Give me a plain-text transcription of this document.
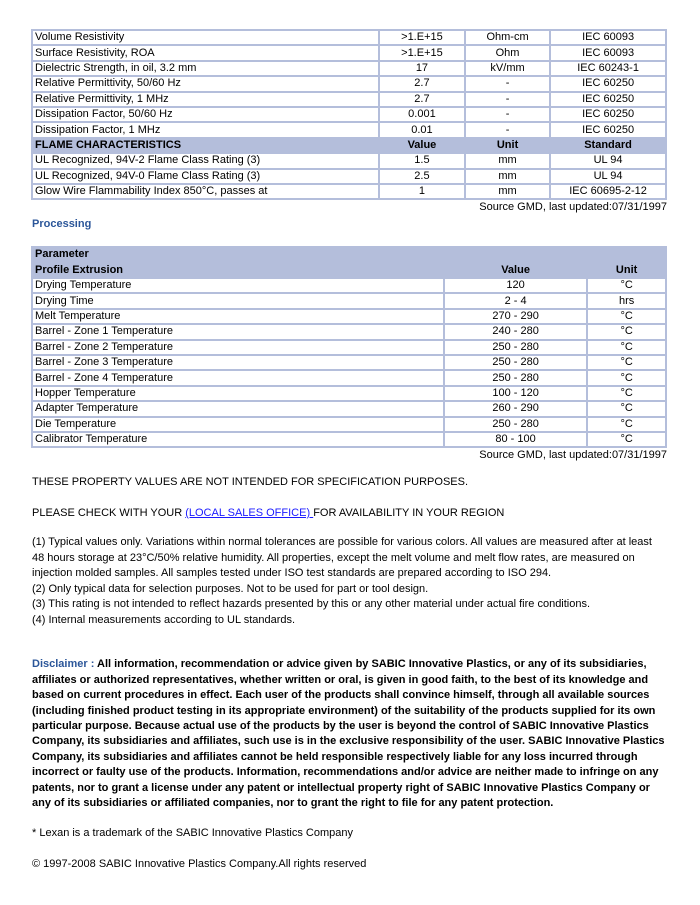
Volume Resistivity	>1.E+15	Ohm-cm	IEC 60093
Surface Resistivity, ROA	>1.E+15	Ohm	IEC 60093
Dielectric Strength, in oil, 3.2 mm	17	kV/mm	IEC 60243-1
Relative Permittivity, 50/60 Hz	2.7	-	IEC 60250
Relative Permittivity, 1 MHz	2.7	-	IEC 60250
Dissipation Factor, 50/60 Hz	0.001	-	IEC 60250
Dissipation Factor, 1 MHz	0.01	-	IEC 60250
FLAME CHARACTERISTICS	Value	Unit	Standard
UL Recognized, 94V-2 Flame Class Rating (3)	1.5	mm	UL 94
UL Recognized, 94V-0 Flame Class Rating (3)	2.5	mm	UL 94
Glow Wire Flammability Index 850°C, passes at	1	mm	IEC 60695-2-12
Source GMD, last updated:07/31/1997
Processing
Parameter		
Profile Extrusion	Value	Unit
Drying Temperature	120	°C
Drying Time	2 - 4	hrs
Melt Temperature	270 - 290	°C
Barrel - Zone 1 Temperature	240 - 280	°C
Barrel - Zone 2 Temperature	250 - 280	°C
Barrel - Zone 3 Temperature	250 - 280	°C
Barrel - Zone 4 Temperature	250 - 280	°C
Hopper Temperature	100 - 120	°C
Adapter Temperature	260 - 290	°C
Die Temperature	250 - 280	°C
Calibrator Temperature	80 - 100	°C
Source GMD, last updated:07/31/1997

THESE PROPERTY VALUES ARE NOT INTENDED FOR SPECIFICATION PURPOSES.

PLEASE CHECK WITH YOUR (LOCAL SALES OFFICE) FOR AVAILABILITY IN YOUR REGION

(1) Typical values only. Variations within normal tolerances are possible for various colors. All values are measured after at least 48 hours storage at 23°C/50% relative humidity. All properties, except the melt volume and melt flow rates, are measured on injection molded samples. All samples tested under ISO test standards are prepared according to ISO 294.

(2) Only typical data for selection purposes. Not to be used for part or tool design.

(3) This rating is not intended to reflect hazards presented by this or any other material under actual fire conditions.

(4) Internal measurements according to UL standards.

Disclaimer : All information, recommendation or advice given by SABIC Innovative Plastics, or any of its subsidiaries, affiliates or authorized representatives, whether written or oral, is given in good faith, to the best of its knowledge and based on current procedures in effect. Each user of the products shall convince himself, through all available sources (including finished product testing in its appropriate environment) of the suitability of the products supplied for its own particular purpose. Because actual use of the products by the user is beyond the control of SABIC Innovative Plastics Company, its subsidiaries and affiliates, such use is in the exclusive responsibility of the user. SABIC Innovative Plastics Company, its subsidiaries and affiliates cannot be held responsible respectively liable for any loss incurred through incorrect or faulty use of the products. Information, recommendations and/or advice are neither made to infringe on any patents, nor to grant a license under any patent or intellectual property right of SABIC Innovative Plastics Company or any of its subsidiaries or affiliated companies, nor to grant the right to file for any patent protection.

* Lexan is a trademark of the SABIC Innovative Plastics Company

© 1997-2008 SABIC Innovative Plastics Company.All rights reserved
